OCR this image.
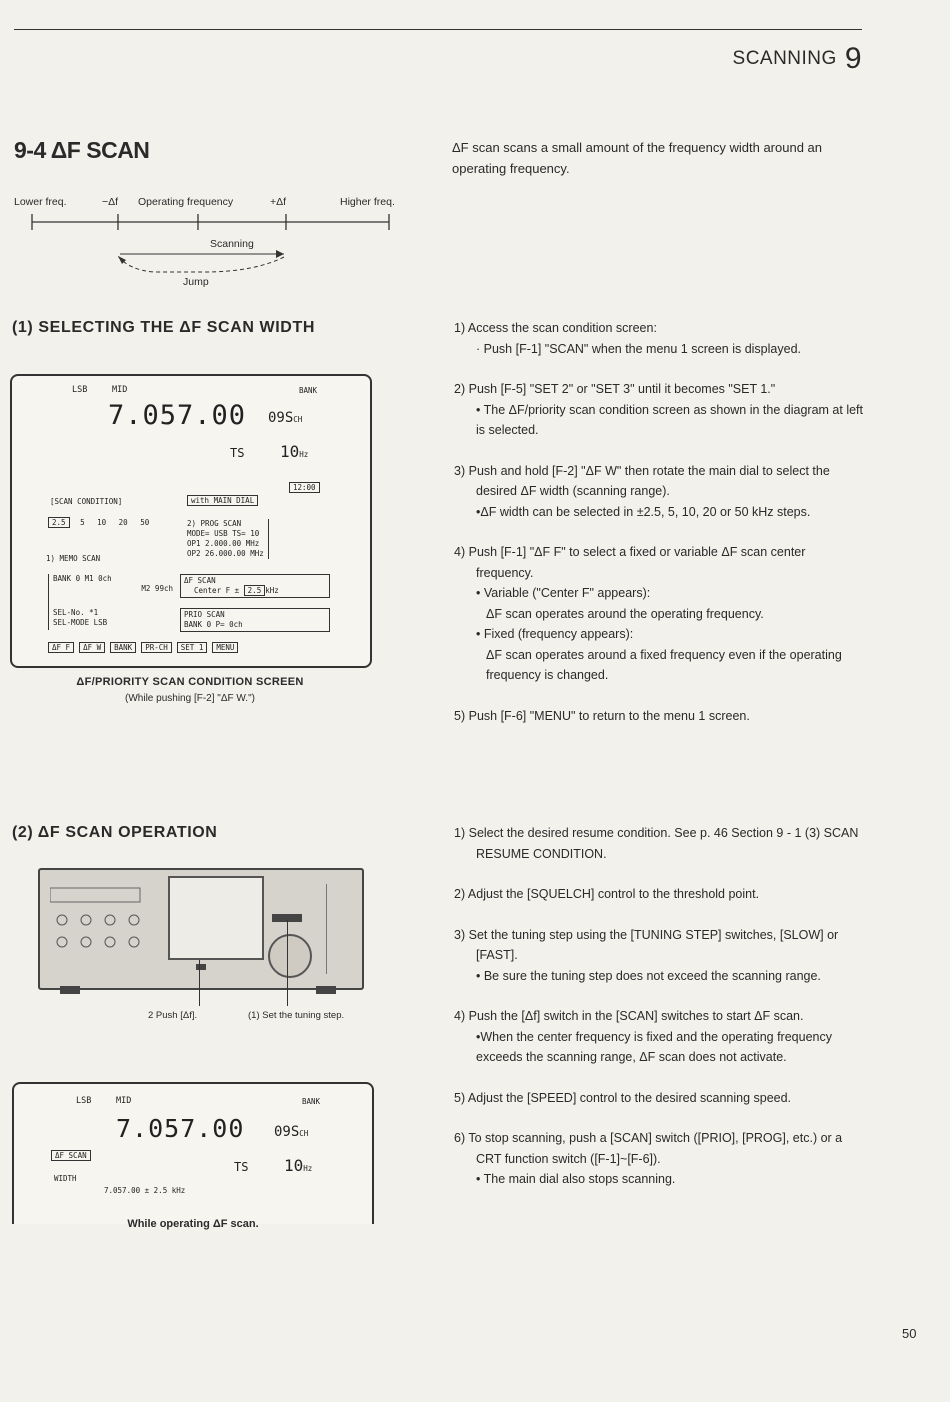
SCANNING 9
9-4 ΔF SCAN	ΔF scan scans a small amount of the frequency width around an operating frequency.
Lower freq.	−Δf Operating frequency	+Δf	Higher freq.
Scanning
Jump
(1) SELECTING THE ΔF SCAN WIDTH	1) Access the scan condition screen:
· Push [F-1] "SCAN" when the menu 1 screen is displayed.
2) Push [F-5] "SET 2" or "SET 3" until it becomes "SET 1."
• The ΔF/priority scan condition screen as shown in the diagram at left is selected.
3) Push and hold [F-2] "ΔF W" then rotate the main dial to select the desired ΔF width (scanning range).
•ΔF width can be selected in ±2.5, 5, 10, 20 or 50 kHz steps.
4) Push [F-1] "ΔF F" to select a fixed or variable ΔF scan center frequency.
• Variable ("Center F" appears):
ΔF scan operates around the operating frequency.
• Fixed (frequency appears):
ΔF scan operates around a fixed frequency even if the operating frequency is changed.
5) Push [F-6] "MENU" to return to the menu 1 screen.
LSB	MID	BANK
7.057.00 09SCH
TS 10Hz
12:00
[SCAN CONDITION]	with MAIN DIAL
2.5 5 10 20 50	2) PROG SCAN
MODE= USB TS= 10
OP1 2.000.00 MHz
OP2 26.000.00 MHz
1) MEMO SCAN
BANK 0 M1 0ch
M2 99ch
SEL-No. *1
SEL-MODE LSB
ΔF SCAN
Center F ± 2.5 kHz
PRIO SCAN
BANK 0 P= 0ch
ΔF F	ΔF W	BANK	PR-CH	SET 1	MENU
ΔF/PRIORITY SCAN CONDITION SCREEN
(While pushing [F-2] "ΔF W.")
(2) ΔF SCAN OPERATION
2 Push [Δf].	(1) Set the tuning step.
LSB	MID	BANK
7.057.00 09SCH
ΔF SCAN
TS 10Hz
WIDTH
7.057.00 ± 2.5 kHz
While operating ΔF scan.
1) Select the desired resume condition. See p. 46 Section 9 - 1 (3) SCAN RESUME CONDITION.
2) Adjust the [SQUELCH] control to the threshold point.
3) Set the tuning step using the [TUNING STEP] switches, [SLOW] or [FAST].
• Be sure the tuning step does not exceed the scanning range.
4) Push the [Δf] switch in the [SCAN] switches to start ΔF scan.
•When the center frequency is fixed and the operating frequency exceeds the scanning range, ΔF scan does not activate.
5) Adjust the [SPEED] control to the desired scanning speed.
6) To stop scanning, push a [SCAN] switch ([PRIO], [PROG], etc.) or a CRT function switch ([F-1]~[F-6]).
• The main dial also stops scanning.
50
